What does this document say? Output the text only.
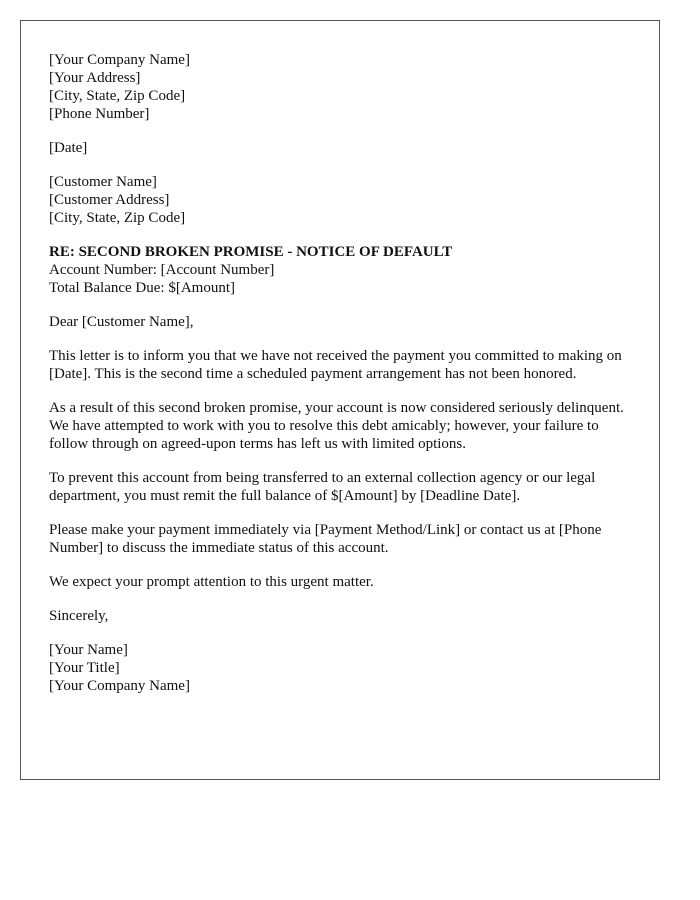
[Your Company Name]
[Your Address]
[City, State, Zip Code]
[Phone Number]
[Date]
[Customer Name]
[Customer Address]
[City, State, Zip Code]
RE: SECOND BROKEN PROMISE - NOTICE OF DEFAULT
Account Number: [Account Number]
Total Balance Due: $[Amount]

Dear [Customer Name],

This letter is to inform you that we have not received the payment you committed to making on [Date]. This is the second time a scheduled payment arrangement has not been honored.

As a result of this second broken promise, your account is now considered seriously delinquent. We have attempted to work with you to resolve this debt amicably; however, your failure to follow through on agreed-upon terms has left us with limited options.

To prevent this account from being transferred to an external collection agency or our legal department, you must remit the full balance of $[Amount] by [Deadline Date].

Please make your payment immediately via [Payment Method/Link] or contact us at [Phone Number] to discuss the immediate status of this account.

We expect your prompt attention to this urgent matter.

Sincerely,

[Your Name]
[Your Title]
[Your Company Name]
